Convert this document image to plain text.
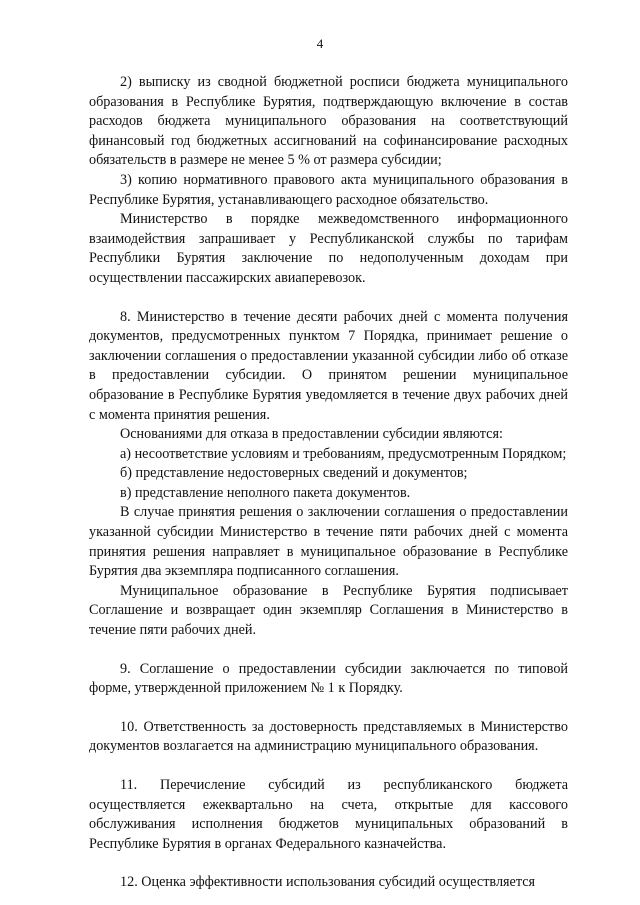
4

2) выписку из сводной бюджетной росписи бюджета муниципального образования в Республике Бурятия, подтверждающую включение в состав расходов бюджета муниципального образования на соответствующий финансовый год бюджетных ассигнований на софинансирование расходных обязательств в размере не менее 5 % от размера субсидии;

3) копию нормативного правового акта муниципального образования в Республике Бурятия, устанавливающего расходное обязательство.

Министерство в порядке межведомственного информационного взаимодействия запрашивает у Республиканской службы по тарифам Республики Бурятия заключение по недополученным доходам при осуществлении пассажирских авиаперевозок.

8. Министерство в течение десяти рабочих дней с момента получения документов, предусмотренных пунктом 7 Порядка, принимает решение о заключении соглашения о предоставлении указанной субсидии либо об отказе в предоставлении субсидии. О принятом решении муниципальное образование в Республике Бурятия уведомляется в течение двух рабочих дней с момента принятия решения.

Основаниями для отказа в предоставлении субсидии являются:

а) несоответствие условиям и требованиям, предусмотренным Порядком;

б) представление недостоверных сведений и документов;

в) представление неполного пакета документов.

В случае принятия решения о заключении соглашения о предоставлении указанной субсидии Министерство в течение пяти рабочих дней с момента принятия решения направляет в муниципальное образование в Республике Бурятия два экземпляра подписанного соглашения.

Муниципальное образование в Республике Бурятия подписывает Соглашение и возвращает один экземпляр Соглашения в Министерство в течение пяти рабочих дней.

9. Соглашение о предоставлении субсидии заключается по типовой форме, утвержденной приложением № 1 к Порядку.

10. Ответственность за достоверность представляемых в Министерство документов возлагается на администрацию муниципального образования.

11. Перечисление субсидий из республиканского бюджета осуществляется ежеквартально на счета, открытые для кассового обслуживания исполнения бюджетов муниципальных образований в Республике Бурятия в органах Федерального казначейства.

12. Оценка эффективности использования субсидий осуществляется
